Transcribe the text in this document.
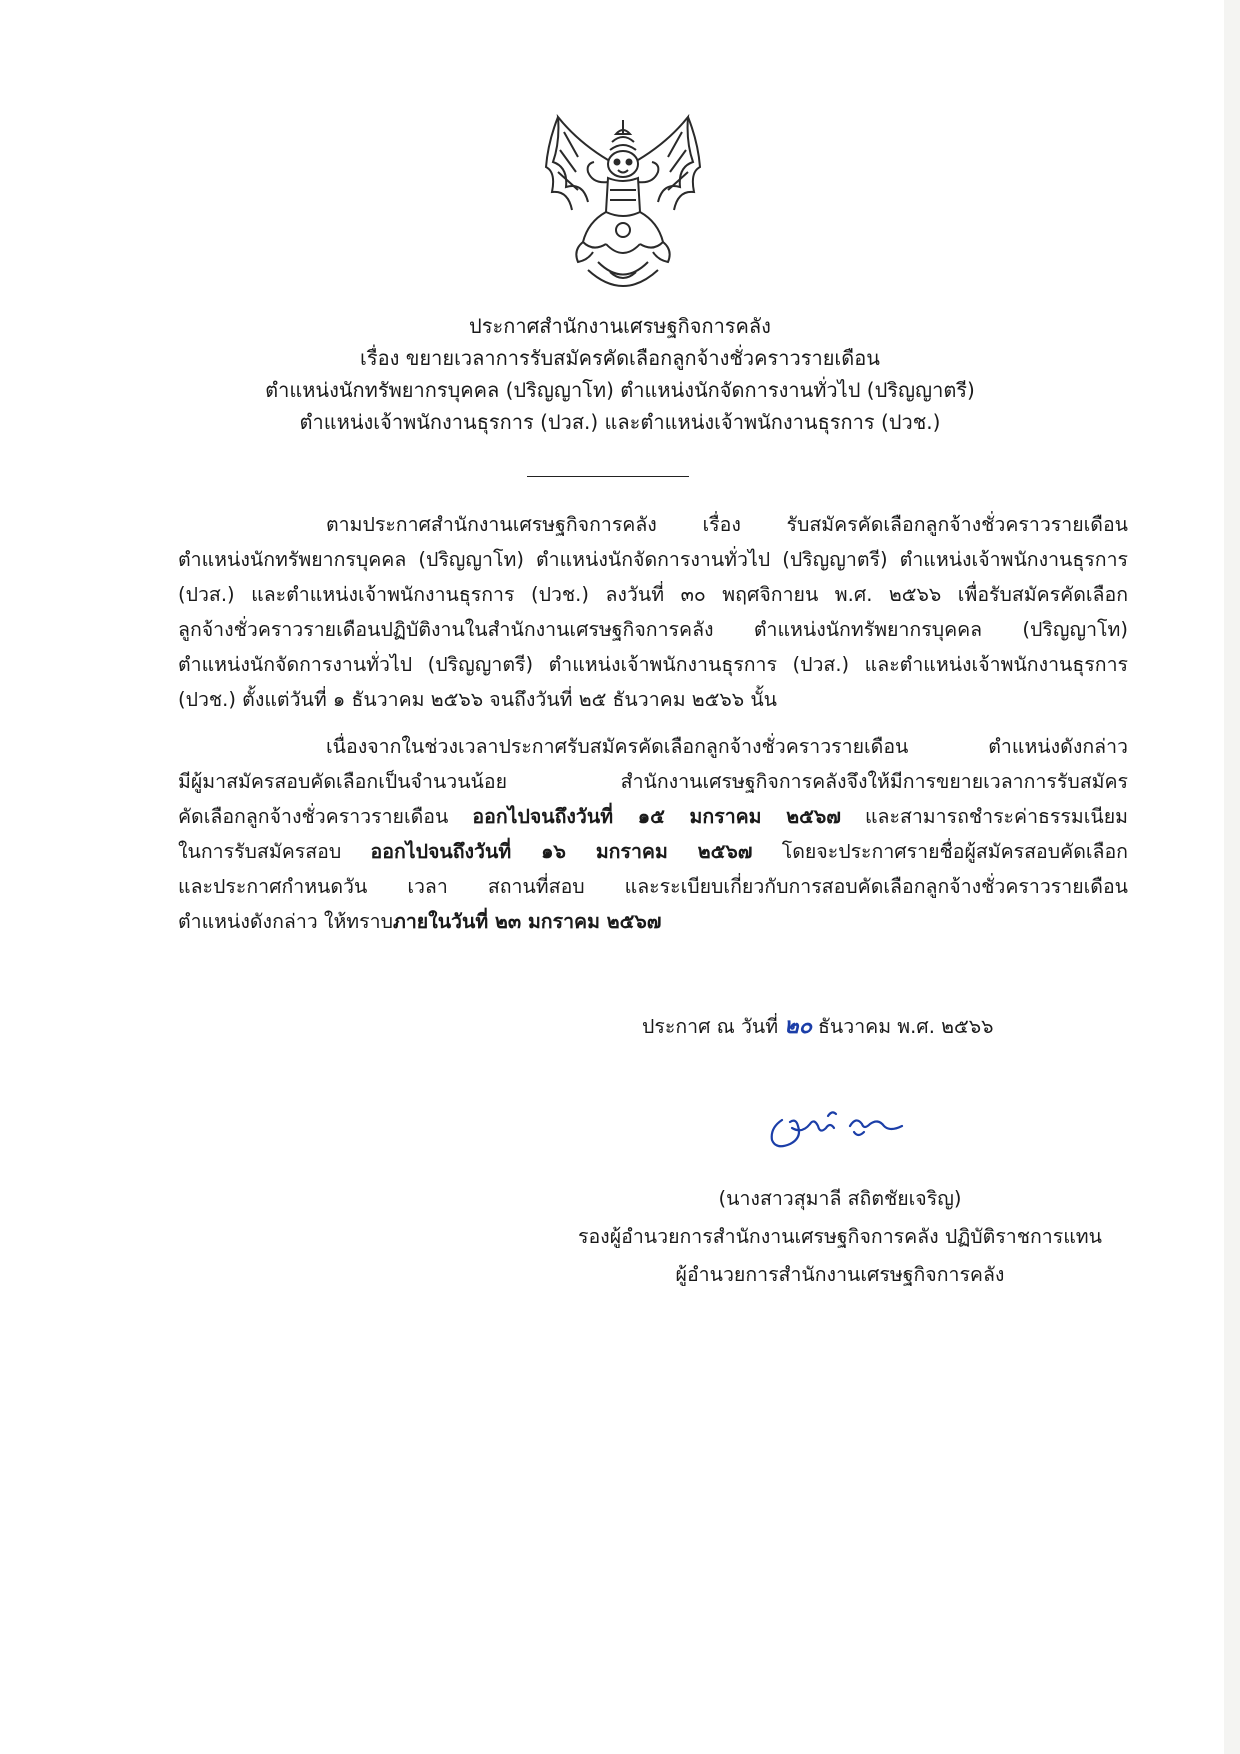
ประกาศสำนักงานเศรษฐกิจการคลัง
เรื่อง ขยายเวลาการรับสมัครคัดเลือกลูกจ้างชั่วคราวรายเดือน
ตำแหน่งนักทรัพยากรบุคคล (ปริญญาโท) ตำแหน่งนักจัดการงานทั่วไป (ปริญญาตรี)
ตำแหน่งเจ้าพนักงานธุรการ (ปวส.) และตำแหน่งเจ้าพนักงานธุรการ (ปวช.)
ตามประกาศสำนักงานเศรษฐกิจการคลัง เรื่อง รับสมัครคัดเลือกลูกจ้างชั่วคราวรายเดือน
ตำแหน่งนักทรัพยากรบุคคล (ปริญญาโท) ตำแหน่งนักจัดการงานทั่วไป (ปริญญาตรี) ตำแหน่งเจ้าพนักงานธุรการ
(ปวส.) และตำแหน่งเจ้าพนักงานธุรการ (ปวช.) ลงวันที่ ๓๐ พฤศจิกายน พ.ศ. ๒๕๖๖ เพื่อรับสมัครคัดเลือก
ลูกจ้างชั่วคราวรายเดือนปฏิบัติงานในสำนักงานเศรษฐกิจการคลัง ตำแหน่งนักทรัพยากรบุคคล (ปริญญาโท)
ตำแหน่งนักจัดการงานทั่วไป (ปริญญาตรี) ตำแหน่งเจ้าพนักงานธุรการ (ปวส.) และตำแหน่งเจ้าพนักงานธุรการ
(ปวช.) ตั้งแต่วันที่ ๑ ธันวาคม ๒๕๖๖ จนถึงวันที่ ๒๕ ธันวาคม ๒๕๖๖ นั้น
เนื่องจากในช่วงเวลาประกาศรับสมัครคัดเลือกลูกจ้างชั่วคราวรายเดือน ตำแหน่งดังกล่าว
มีผู้มาสมัครสอบคัดเลือกเป็นจำนวนน้อย สำนักงานเศรษฐกิจการคลังจึงให้มีการขยายเวลาการรับสมัคร
คัดเลือกลูกจ้างชั่วคราวรายเดือน ออกไปจนถึงวันที่ ๑๕ มกราคม ๒๕๖๗ และสามารถชำระค่าธรรมเนียม
ในการรับสมัครสอบ ออกไปจนถึงวันที่ ๑๖ มกราคม ๒๕๖๗ โดยจะประกาศรายชื่อผู้สมัครสอบคัดเลือก
และประกาศกำหนดวัน เวลา สถานที่สอบ และระเบียบเกี่ยวกับการสอบคัดเลือกลูกจ้างชั่วคราวรายเดือน
ตำแหน่งดังกล่าว ให้ทราบภายในวันที่ ๒๓ มกราคม ๒๕๖๗
ประกาศ ณ วันที่ ๒๐ ธันวาคม พ.ศ. ๒๕๖๖
(นางสาวสุมาลี สถิตชัยเจริญ)
รองผู้อำนวยการสำนักงานเศรษฐกิจการคลัง ปฏิบัติราชการแทน
ผู้อำนวยการสำนักงานเศรษฐกิจการคลัง
